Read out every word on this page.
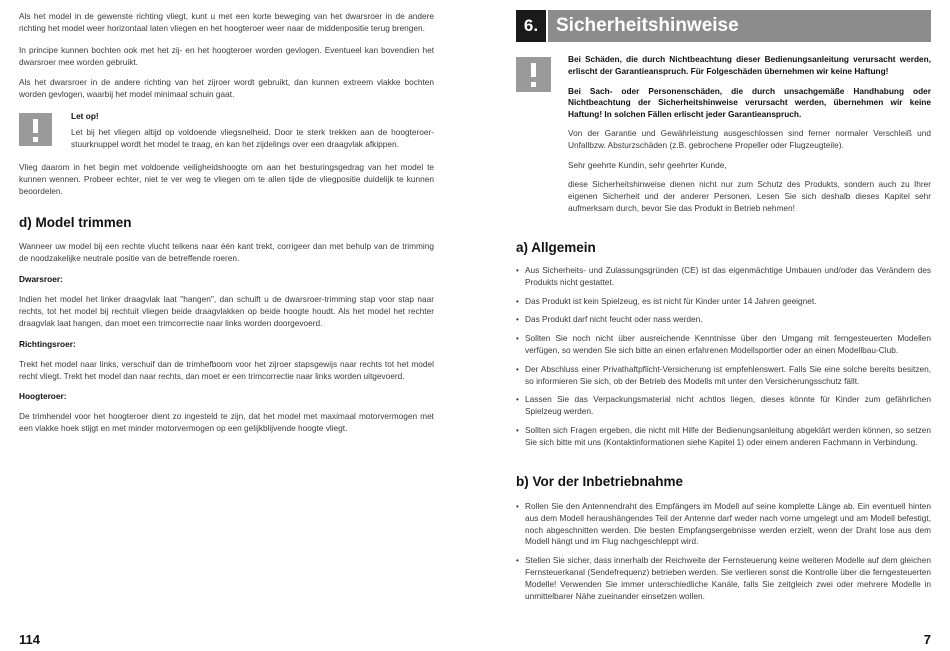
Als het model in de gewenste richting vliegt, kunt u met een korte beweging van het dwarsroer in de andere richting het model weer horizontaal laten vliegen en het hoogteroer weer naar de middenpositie terug brengen.

In principe kunnen bochten ook met het zij- en het hoogteroer worden gevlogen. Eventueel kan bovendien het dwarsroer mee worden gebruikt.

Als het dwarsroer in de andere richting van het zijroer wordt gebruikt, dan kunnen extreem vlakke bochten worden gevlogen, waarbij het model minimaal schuin gaat.

Let op!

Let bij het vliegen altijd op voldoende vliegsnelheid. Door te sterk trekken aan de hoogteroer-stuurknuppel wordt het model te traag, en kan het zijdelings over een draagvlak afkippen.

Vlieg daarom in het begin met voldoende veiligheidshoogte om aan het besturingsgedrag van het model te kunnen wennen. Probeer echter, niet te ver weg te vliegen om te allen tijde de vliegpositie duidelijk te kunnen beoordelen.

d) Model trimmen

Wanneer uw model bij een rechte vlucht telkens naar één kant trekt, corrigeer dan met behulp van de trimming de noodzakelijke neutrale positie van de betreffende roeren.

Dwarsroer:

Indien het model het linker draagvlak laat "hangen", dan schuift u de dwarsroer-trimming stap voor stap naar rechts, tot het model bij rechtuit vliegen beide draagvlakken op beide hoogte houdt. Als het model het rechter draagvlak laat hangen, dan moet een trimcorrectie naar links worden doorgevoerd.

Richtingsroer:

Trekt het model naar links, verschuif dan de trimhefboom voor het zijroer stapsgewijs naar rechts tot het model recht vliegt. Trekt het model dan naar rechts, dan moet er een trimcorrectie naar links worden uitgevoerd.

Hoogteroer:

De trimhendel voor het hoogteroer dient zo ingesteld te zijn, dat het model met maximaal motorvermogen met een vlakke hoek stijgt en met minder motorvermogen op een gelijkblijvende hoogte vliegt.

114
6. Sicherheitshinweise

Bei Schäden, die durch Nichtbeachtung dieser Bedienungsanleitung verursacht werden, erlischt der Garantieanspruch. Für Folgeschäden übernehmen wir keine Haftung!

Bei Sach- oder Personenschäden, die durch unsachgemäße Handhabung oder Nichtbeachtung der Sicherheitshinweise verursacht werden, übernehmen wir keine Haftung! In solchen Fällen erlischt jeder Garantieanspruch.

Von der Garantie und Gewährleistung ausgeschlossen sind ferner normaler Verschleiß und Unfallbzw. Absturzschäden (z.B. gebrochene Propeller oder Flugzeugteile).

Sehr geehrte Kundin, sehr geehrter Kunde,

diese Sicherheitshinweise dienen nicht nur zum Schutz des Produkts, sondern auch zu Ihrer eigenen Sicherheit und der anderer Personen. Lesen Sie sich deshalb dieses Kapitel sehr aufmerksam durch, bevor Sie das Produkt in Betrieb nehmen!

a) Allgemein

• Aus Sicherheits- und Zulassungsgründen (CE) ist das eigenmächtige Umbauen und/oder das Verändern des Produkts nicht gestattet.

• Das Produkt ist kein Spielzeug, es ist nicht für Kinder unter 14 Jahren geeignet.

• Das Produkt darf nicht feucht oder nass werden.

• Sollten Sie noch nicht über ausreichende Kenntnisse über den Umgang mit ferngesteuerten Modellen verfügen, so wenden Sie sich bitte an einen erfahrenen Modellsportler oder an einen Modellbau-Club.

• Der Abschluss einer Privathaftpflicht-Versicherung ist empfehlenswert. Falls Sie eine solche bereits besitzen, so informieren Sie sich, ob der Betrieb des Modells mit unter den Versicherungsschutz fällt.

• Lassen Sie das Verpackungsmaterial nicht achtlos liegen, dieses könnte für Kinder zum gefährlichen Spielzeug werden.

• Sollten sich Fragen ergeben, die nicht mit Hilfe der Bedienungsanleitung abgeklärt werden können, so setzen Sie sich bitte mit uns (Kontaktinformationen siehe Kapitel 1) oder einem anderen Fachmann in Verbindung.

b) Vor der Inbetriebnahme

• Rollen Sie den Antennendraht des Empfängers im Modell auf seine komplette Länge ab. Ein eventuell hinten aus dem Modell heraushängendes Teil der Antenne darf weder nach vorne umgelegt und am Modell befestigt, noch abgeschnitten werden. Die besten Empfangsergebnisse werden erzielt, wenn der Draht lose aus dem Modell hängt und im Flug nachgeschleppt wird.

• Stellen Sie sicher, dass innerhalb der Reichweite der Fernsteuerung keine weiteren Modelle auf dem gleichen Fernsteuerkanal (Sendefrequenz) betrieben werden. Sie verlieren sonst die Kontrolle über die ferngesteuerten Modelle! Verwenden Sie immer unterschiedliche Kanäle, falls Sie zeitgleich zwei oder mehrere Modelle in unmittelbarer Nähe zueinander einsetzen wollen.

7
